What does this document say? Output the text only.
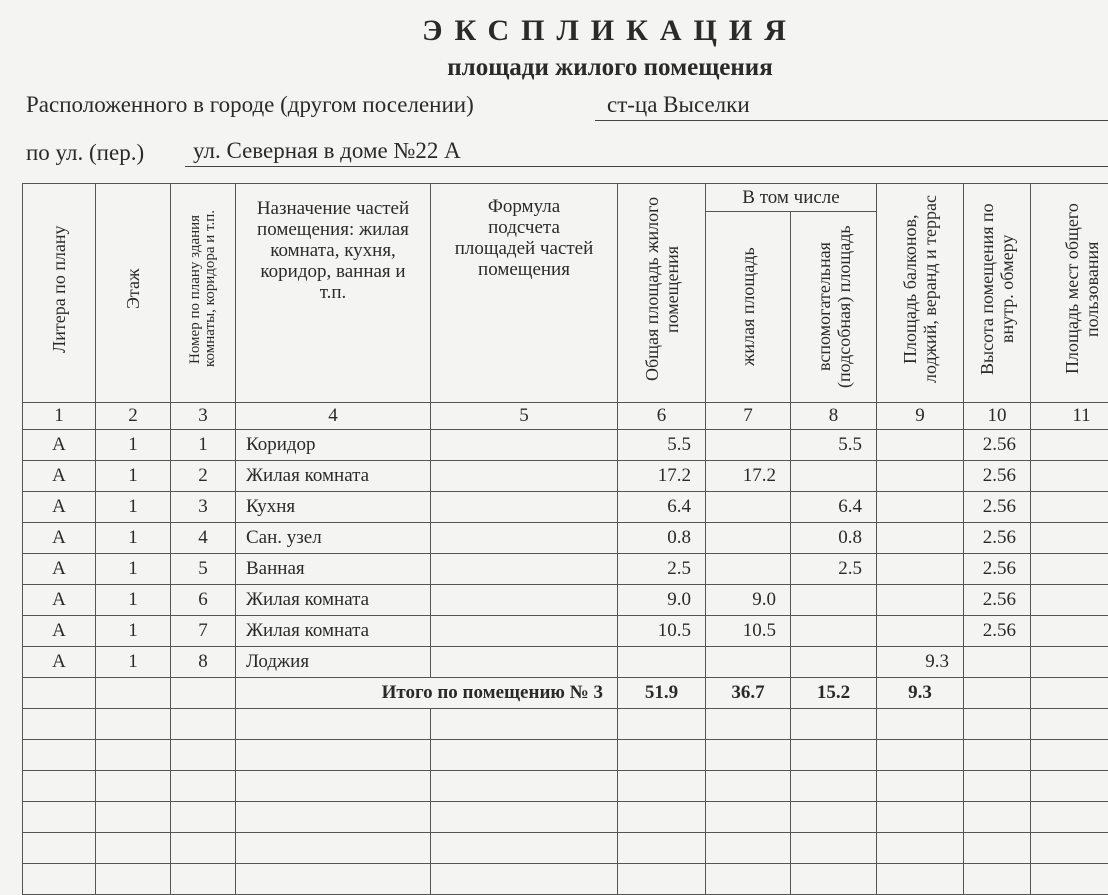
ЭКСПЛИКАЦИЯ
площади жилого помещения
Расположенного в городе (другом поселении)	ст-ца Выселки
по ул. (пер.)	ул. Северная в доме №22 А
Литера по плану	Этаж	Номер по плану здания комнаты, коридора и т.п.	Назначение частей помещения: жилая комната, кухня, коридор, ванная и т.п.	Формула подсчета площадей частей помещения	Общая площадь жилого помещения	В том числе		Площадь балконов, лоджий, веранд и террас	Высота помещения по внутр. обмеру	Площадь мест общего пользования

						жилая площадь	вспомогательная (подсобная) площадь			

1	2	3	4	5	6	7	8	9	10	11
А	1	1	Коридор		5.5		5.5		2.56	
А	1	2	Жилая комната		17.2	17.2			2.56	
А	1	3	Кухня		6.4		6.4		2.56	
А	1	4	Сан. узел		0.8		0.8		2.56	
А	1	5	Ванная		2.5		2.5		2.56	
А	1	6	Жилая комната		9.0	9.0			2.56	
А	1	7	Жилая комната		10.5	10.5			2.56	
А	1	8	Лоджия					9.3		
			Итого по помещению № 3		51.9	36.7	15.2	9.3		
